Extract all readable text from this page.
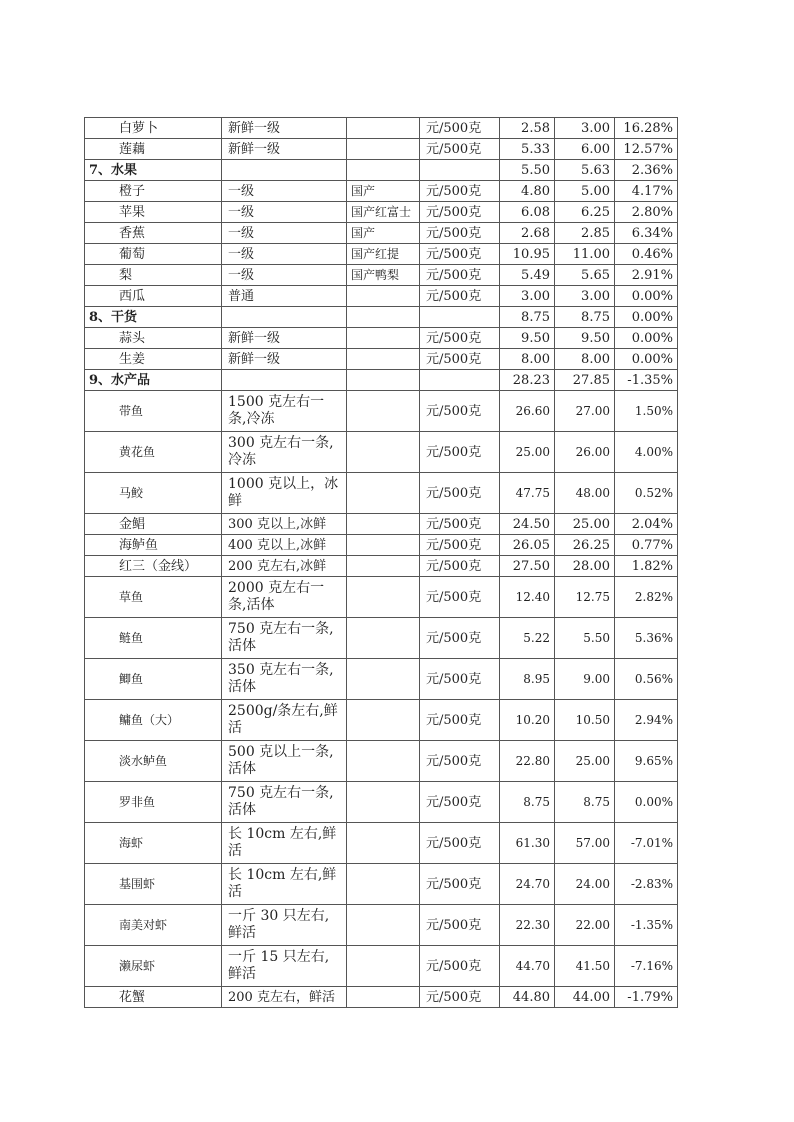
白萝卜	新鲜一级		元/500克	2.58	3.00	16.28%
莲藕	新鲜一级		元/500克	5.33	6.00	12.57%
7、水果				5.50	5.63	2.36%
橙子	一级	国产	元/500克	4.80	5.00	4.17%
苹果	一级	国产红富士	元/500克	6.08	6.25	2.80%
香蕉	一级	国产	元/500克	2.68	2.85	6.34%
葡萄	一级	国产红提	元/500克	10.95	11.00	0.46%
梨	一级	国产鸭梨	元/500克	5.49	5.65	2.91%
西瓜	普通		元/500克	3.00	3.00	0.00%
8、干货				8.75	8.75	0.00%
蒜头	新鲜一级		元/500克	9.50	9.50	0.00%
生姜	新鲜一级		元/500克	8.00	8.00	0.00%
9、水产品				28.23	27.85	-1.35%
带鱼	1500 克左右一条,冷冻		元/500克	26.60	27.00	1.50%
黄花鱼	300 克左右一条,冷冻		元/500克	25.00	26.00	4.00%
马鲛	1000 克以上，冰鲜		元/500克	47.75	48.00	0.52%
金鲳	300 克以上,冰鲜		元/500克	24.50	25.00	2.04%
海鲈鱼	400 克以上,冰鲜		元/500克	26.05	26.25	0.77%
红三（金线）	200 克左右,冰鲜		元/500克	27.50	28.00	1.82%
草鱼	2000 克左右一条,活体		元/500克	12.40	12.75	2.82%
鲢鱼	750 克左右一条,活体		元/500克	5.22	5.50	5.36%
鲫鱼	350 克左右一条,活体		元/500克	8.95	9.00	0.56%
鳙鱼（大）	2500g/条左右,鲜活		元/500克	10.20	10.50	2.94%
淡水鲈鱼	500 克以上一条,活体		元/500克	22.80	25.00	9.65%
罗非鱼	750 克左右一条,活体		元/500克	8.75	8.75	0.00%
海虾	长 10cm 左右,鲜活		元/500克	61.30	57.00	-7.01%
基围虾	长 10cm 左右,鲜活		元/500克	24.70	24.00	-2.83%
南美对虾	一斤 30 只左右,鲜活		元/500克	22.30	22.00	-1.35%
濑尿虾	一斤 15 只左右,鲜活		元/500克	44.70	41.50	-7.16%
花蟹	200 克左右，鲜活		元/500克	44.80	44.00	-1.79%
